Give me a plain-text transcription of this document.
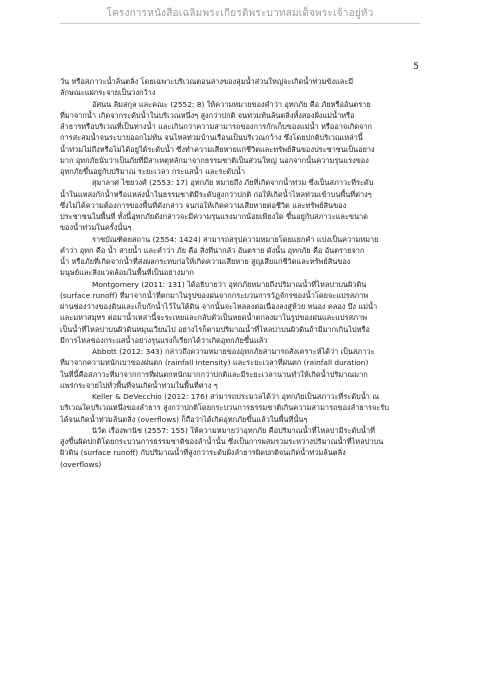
โครงการหนังสือเฉลิมพระเกียรติพระบาทสมเด็จพระเจ้าอยู่หัว
5

วัน หรือสภาวะน้ำล้นตลิ่ง โดยเฉพาะบริเวณตอนล่างของลุ่มน้ำส่วนใหญ่จะเกิดน้ำท่วมขังและมี

ลักษณะแผ่กระจายเป็นวงกว้าง

อัศนน ลิมสกุล และคณะ (2552: 8) ให้ความหมายของคำว่า อุทกภัย คือ ภัยหรืออันตราย

ที่มาจากน้ำ เกิดจากระดับน้ำในบริเวณหนึ่งๆ สูงกว่าปกติ จนท่วมท้นล้นตลิ่งทั้งสองฝั่งแม่น้ำหรือ

ลำธารหรือบริเวณที่เป็นทางน้ำ และเกินกว่าความสามารถของการกักเก็บของแม่น้ำ หรืออาจเกิดจาก

การสะสมน้ำจนระบายออกไม่ทัน จนไหลท่วมบ้านเรือนเป็นบริเวณกว้าง ซึ่งโดยปกติบริเวณเหล่านี้

น้ำท่วมไม่ถึงหรือไม่ได้อยู่ใต้ระดับน้ำ ซึ่งทำความเสียหายแก่ชีวิตและทรัพย์สินของประชาชนเป็นอย่าง

มาก อุทกภัยนับว่าเป็นภัยที่มีสาเหตุหลักมาจากธรรมชาติเป็นส่วนใหญ่ นอกจากนั้นความรุนแรงของ

อุทกภัยขึ้นอยู่กับปริมาณ ระยะเวลา กระแสน้ำ และระดับน้ำ

สุมาลาศ ไชยวงศ์ (2553: 17) อุทกภัย หมายถึง ภัยที่เกิดจากน้ำท่วม ซึ่งเป็นสภาวะที่ระดับ

น้ำในแหล่งกักน้ำหรือแหล่งน้ำในธรรมชาติมีระดับสูงกว่าปกติ ก่อให้เกิดน้ำไหลท่วมเข้าบนพื้นที่ต่างๆ

ซึ่งไม่ได้ความต้องการของพื้นที่ดังกล่าว จนก่อให้เกิดความเสียหายต่อชีวิต และทรัพย์สินของ

ประชาชนในพื้นที่ ทั้งนี้อุทกภัยดังกล่าวจะมีความรุนแรงมากน้อยเพียงใด ขึ้นอยู่กับสภาวะและขนาด

ของน้ำท่วมในครั้งนั้นๆ

ราชบัณฑิตยสถาน (2554: 1424) สามารถสรุปความหมายโดยแยกคำ แบ่งเป็นความหมาย

คำว่า อุทก คือ น้ำ สายน้ำ และคำว่า ภัย คือ สิ่งที่น่ากลัว อันตราย ดังนั้น อุทกภัย คือ อันตรายจาก

น้ำ หรือภัยที่เกิดจากน้ำที่ส่งผลกระทบก่อให้เกิดความเสียหาย สูญเสียแก่ชีวิตและทรัพย์สินของ

มนุษย์และสิ่งแวดล้อมในพื้นที่เป็นอย่างมาก

Montgomery (2011: 131) ได้อธิบายว่า อุทกภัยหมายถึงปริมาณน้ำที่ไหลบ่าบนผิวดิน

(surface runoff) ที่มาจากน้ำที่ตกมาในรูปของฝนจากกระบวนการวัฏจักรของน้ำโดยจะแปรสภาพ

ผ่านช่องว่างของดินและเก็บกักน้ำไว้ในใต้ดิน จากนั้นจะไหลลงต่อเนื่องลงสู่ห้วย หนอง คลอง บึง แม่น้ำ

และมหาสมุทร ต่อมาน้ำเหล่านี้จะระเหยและกลับตัวเป็นหยดน้ำตกลงมาในรูปของฝนและแปรสภาพ

เป็นน้ำที่ไหลบ่าบนผิวดินหมุนเวียนไป อย่างไรก็ตามปริมาณน้ำที่ไหลบ่าบนผิวดินถ้ามีมากเกินไปหรือ

มีการไหลของกระแสน้ำอย่างรุนแรงก็เรียกได้ว่าเกิดอุทกภัยขึ้นแล้ว

Abbott (2012: 343) กล่าวถึงความหมายของอุทกภัยสามารถสังเคราะห์ได้ว่า เป็นสภาวะ

ที่มาจากความหนักเบาของฝนตก (rainfall intensity) และระยะเวลาที่ฝนตก (rainfall duration)

ในที่นี้คือสภาวะที่มาจากการที่ฝนตกหนักมากกว่าปกติและมีระยะเวลานานทำให้เกิดน้ำปริมาณมาก

แพร่กระจายไปทั่วพื้นที่จนเกิดน้ำท่วมในพื้นที่ต่าง ๆ

Keller & DeVecchio (2012: 176) สามารถประมวลได้ว่า อุทกภัยเป็นสภาวะที่ระดับน้ำ ณ

บริเวณใดบริเวณหนึ่งของลำธาร สูงกว่าปกติโดยกระบวนการธรรมชาติเกินความสามารถของลำธารจะรับ

ได้จนเกิดน้ำท่วมล้นตลิ่ง (overflows) ก็ถือว่าได้เกิดอุทกภัยขึ้นแล้วในพื้นที่นั้นๆ

นิวัต เรืองพานิช (2557: 155) ให้ความหมายว่าอุทกภัย คือปริมาณน้ำที่ไหลบ่ามีระดับน้ำที่

สูงขึ้นผิดปกติโดยกระบวนการธรรมชาติของลำน้ำนั้น ซึ่งเป็นการผสมรวมระหว่างปริมาณน้ำที่ไหลบ่าบน

ผิวดิน (surface runoff) กับปริมาณน้ำที่สูงกว่าระดับฝั่งลำธารผิดปกติจนเกิดน้ำท่วมล้นตลิ่ง

(overflows)
